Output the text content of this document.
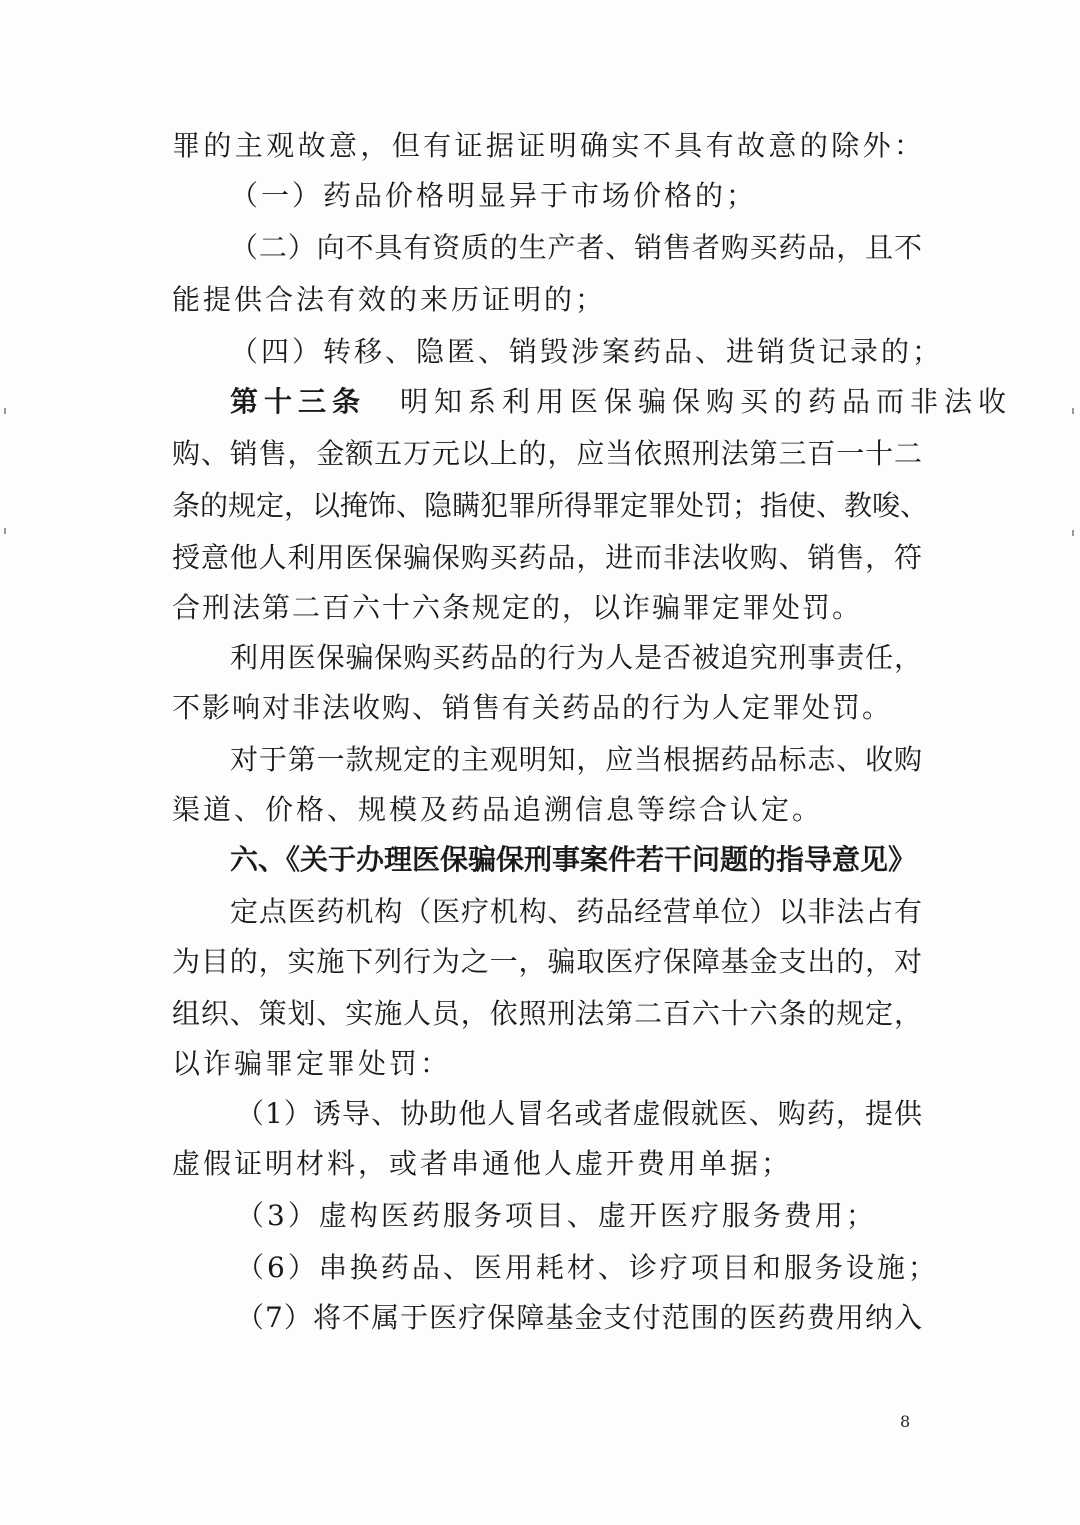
罪的主观故意，但有证据证明确实不具有故意的除外：
（一）药品价格明显异于市场价格的；
（二）向不具有资质的生产者、销售者购买药品，且不
能提供合法有效的来历证明的；
（四）转移、隐匿、销毁涉案药品、进销货记录的；
第十三条 明知系利用医保骗保购买的药品而非法收
购、销售，金额五万元以上的，应当依照刑法第三百一十二
条的规定，以掩饰、隐瞒犯罪所得罪定罪处罚；指使、教唆、
授意他人利用医保骗保购买药品，进而非法收购、销售，符
合刑法第二百六十六条规定的，以诈骗罪定罪处罚。
利用医保骗保购买药品的行为人是否被追究刑事责任，
不影响对非法收购、销售有关药品的行为人定罪处罚。
对于第一款规定的主观明知，应当根据药品标志、收购
渠道、价格、规模及药品追溯信息等综合认定。
六、《关于办理医保骗保刑事案件若干问题的指导意见》
定点医药机构（医疗机构、药品经营单位）以非法占有
为目的，实施下列行为之一，骗取医疗保障基金支出的，对
组织、策划、实施人员，依照刑法第二百六十六条的规定，
以诈骗罪定罪处罚：
（1）诱导、协助他人冒名或者虚假就医、购药，提供
虚假证明材料，或者串通他人虚开费用单据；
（3）虚构医药服务项目、虚开医疗服务费用；
（6）串换药品、医用耗材、诊疗项目和服务设施；
（7）将不属于医疗保障基金支付范围的医药费用纳入
8
